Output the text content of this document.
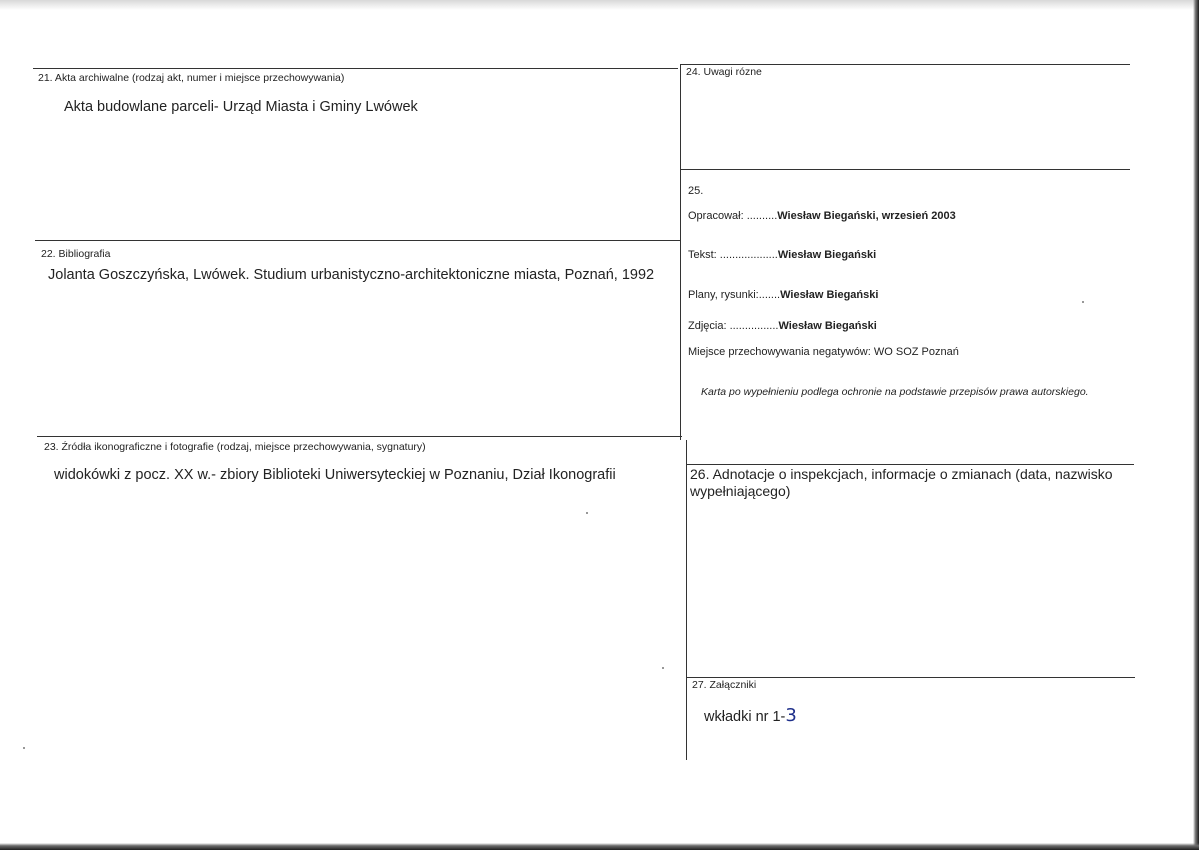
21. Akta archiwalne (rodzaj akt, numer i miejsce przechowywania)
Akta budowlane parceli- Urząd Miasta i Gminy Lwówek
22. Bibliografia
Jolanta Goszczyńska, Lwówek. Studium urbanistyczno-architektoniczne miasta, Poznań, 1992
23. Źródła ikonograficzne i fotografie (rodzaj, miejsce przechowywania, sygnatury)
widokówki z pocz. XX w.- zbiory Biblioteki Uniwersyteckiej w Poznaniu, Dział Ikonografii
24. Uwagi rózne
25.
Opracował: ..........Wiesław Biegański, wrzesień 2003
Tekst: ...................Wiesław Biegański
Plany, rysunki:.......Wiesław Biegański
Zdjęcia: ................Wiesław Biegański
Miejsce przechowywania negatywów: WO SOZ Poznań
Karta po wypełnieniu podlega ochronie na podstawie przepisów prawa autorskiego.
26. Adnotacje o inspekcjach, informacje o zmianach (data, nazwisko wypełniającego)
27. Załączniki
wkładki nr 1-3
